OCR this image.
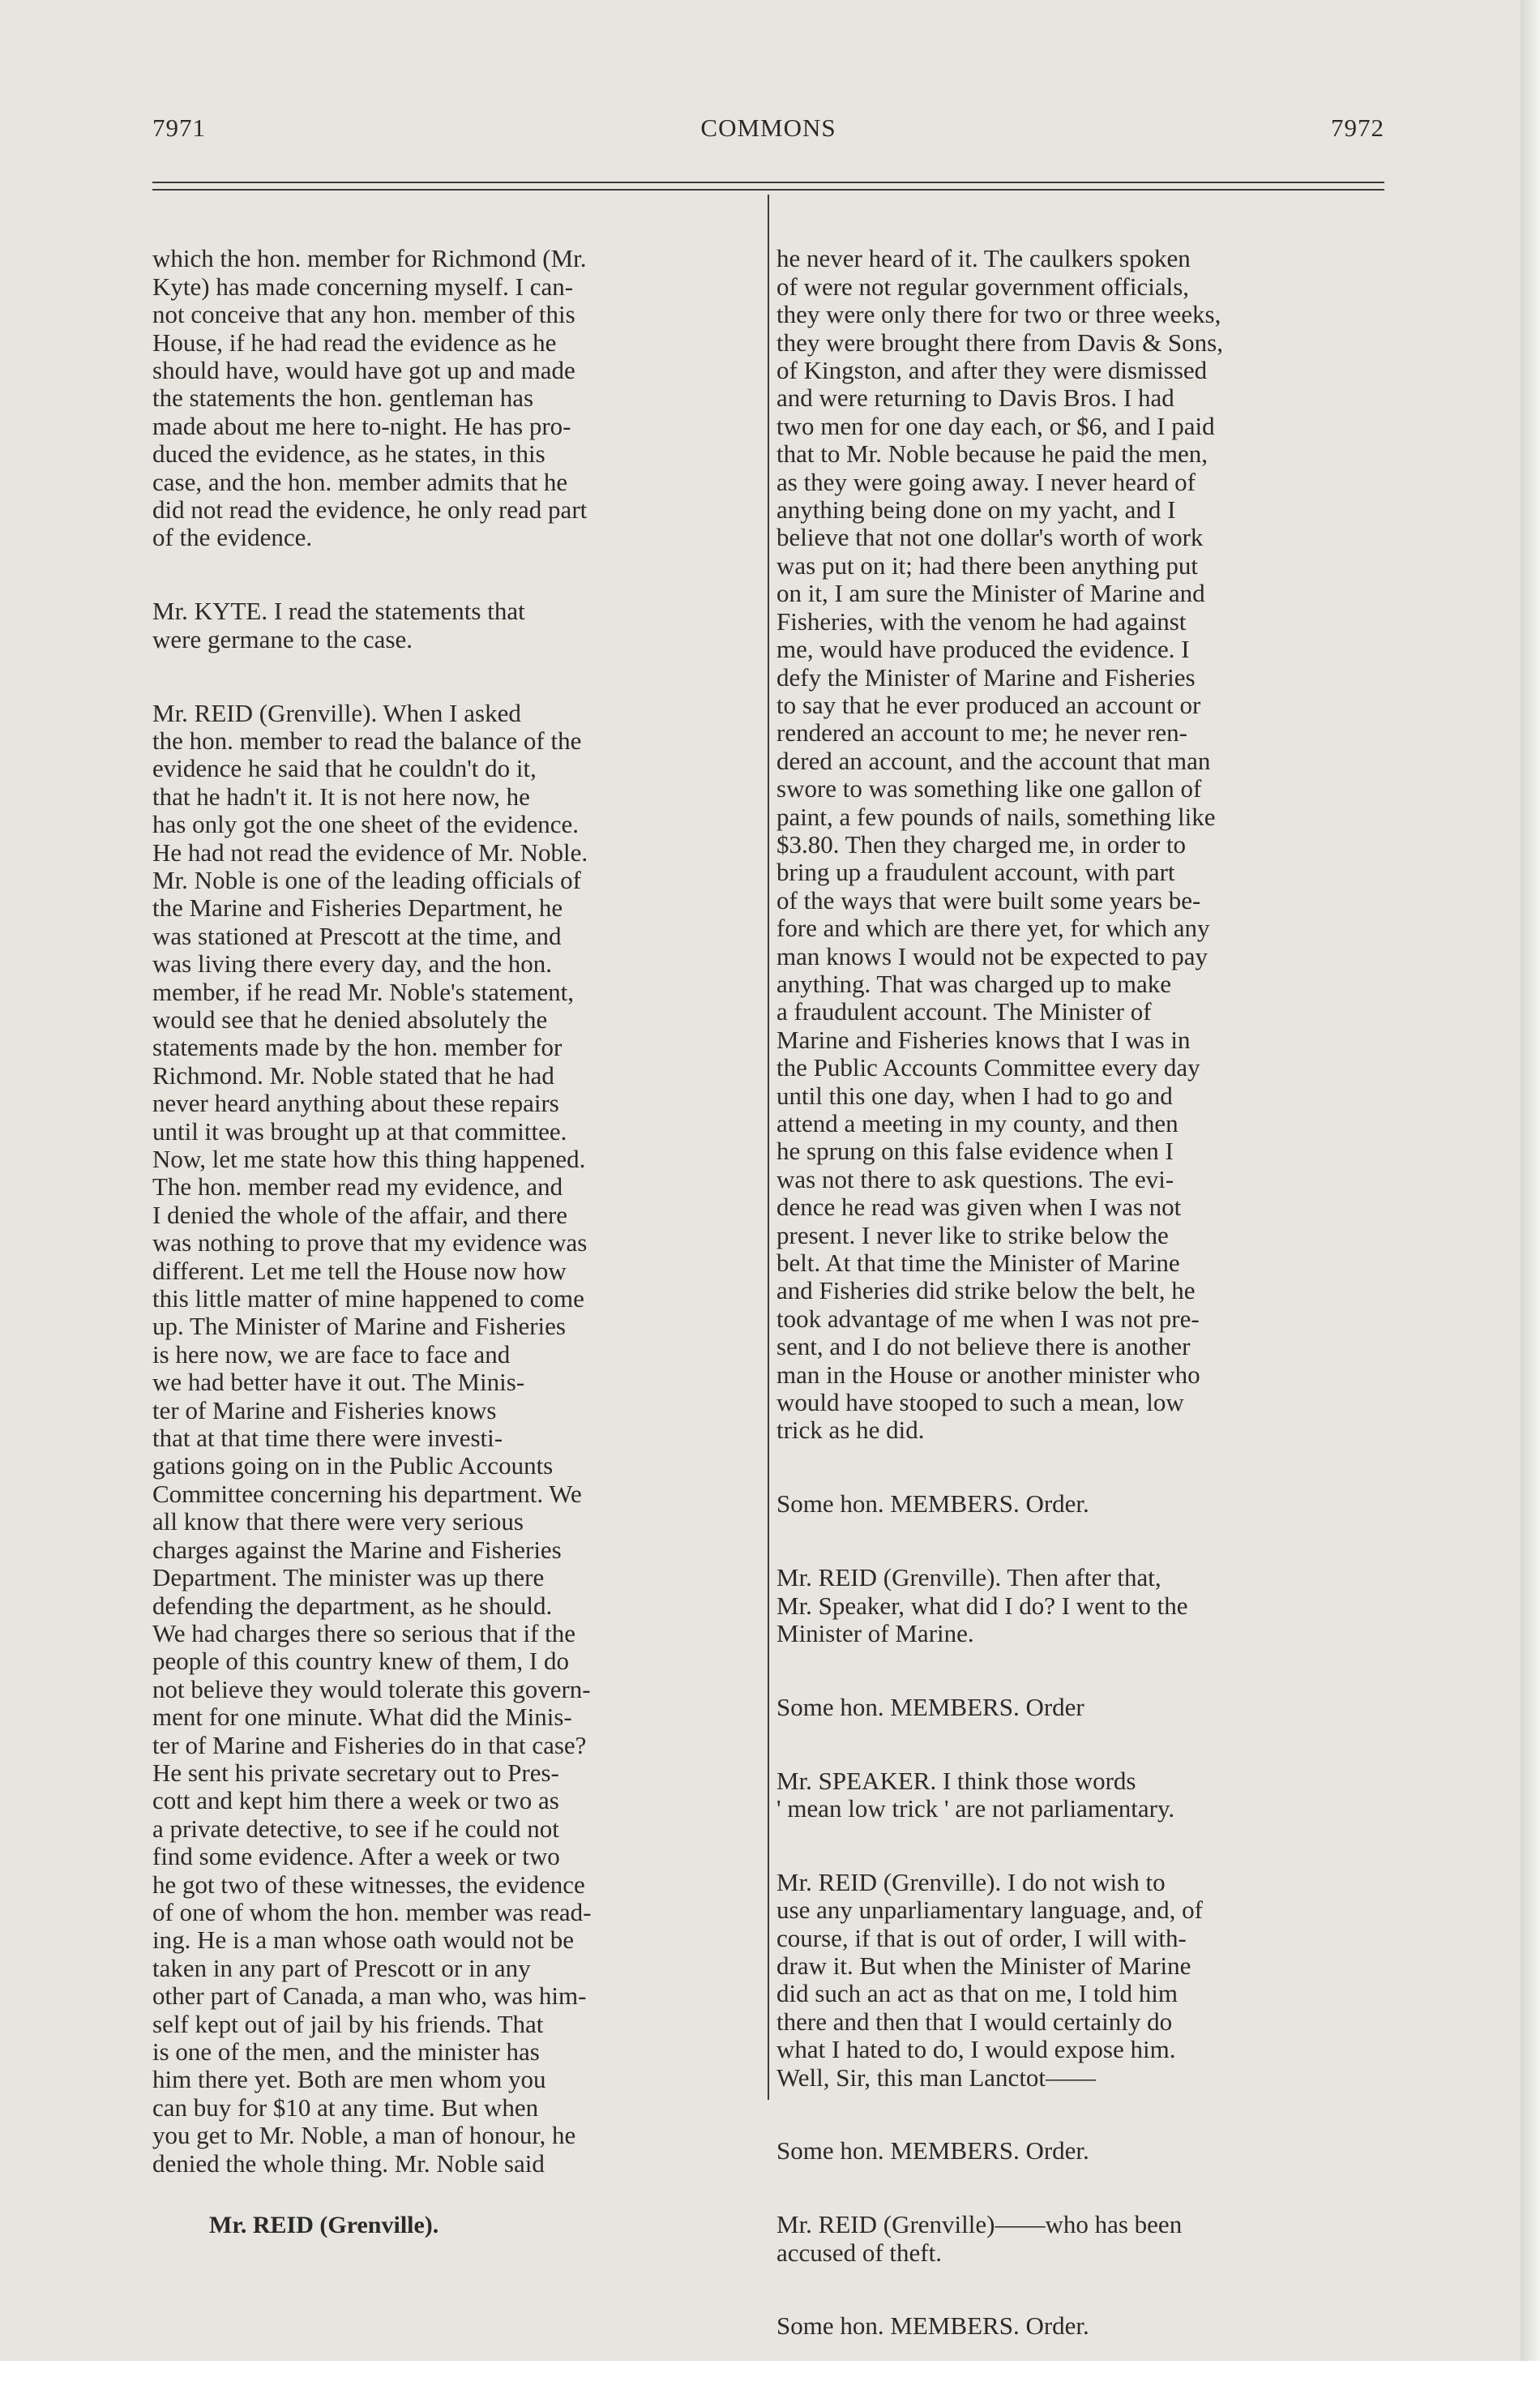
7971	COMMONS	7972

which the hon. member for Richmond (Mr.
Kyte) has made concerning myself. I can-
not conceive that any hon. member of this
House, if he had read the evidence as he
should have, would have got up and made
the statements the hon. gentleman has
made about me here to-night. He has pro-
duced the evidence, as he states, in this
case, and the hon. member admits that he
did not read the evidence, he only read part
of the evidence.

Mr. KYTE. I read the statements that
were germane to the case.

Mr. REID (Grenville). When I asked
the hon. member to read the balance of the
evidence he said that he couldn't do it,
that he hadn't it. It is not here now, he
has only got the one sheet of the evidence.
He had not read the evidence of Mr. Noble.
Mr. Noble is one of the leading officials of
the Marine and Fisheries Department, he
was stationed at Prescott at the time, and
was living there every day, and the hon.
member, if he read Mr. Noble's statement,
would see that he denied absolutely the
statements made by the hon. member for
Richmond. Mr. Noble stated that he had
never heard anything about these repairs
until it was brought up at that committee.
Now, let me state how this thing happened.
The hon. member read my evidence, and
I denied the whole of the affair, and there
was nothing to prove that my evidence was
different. Let me tell the House now how
this little matter of mine happened to come
up. The Minister of Marine and Fisheries
is here now, we are face to face and
we had better have it out. The Minis-
ter of Marine and Fisheries knows
that at that time there were investi-
gations going on in the Public Accounts
Committee concerning his department. We
all know that there were very serious
charges against the Marine and Fisheries
Department. The minister was up there
defending the department, as he should.
We had charges there so serious that if the
people of this country knew of them, I do
not believe they would tolerate this govern-
ment for one minute. What did the Minis-
ter of Marine and Fisheries do in that case?
He sent his private secretary out to Pres-
cott and kept him there a week or two as
a private detective, to see if he could not
find some evidence. After a week or two
he got two of these witnesses, the evidence
of one of whom the hon. member was read-
ing. He is a man whose oath would not be
taken in any part of Prescott or in any
other part of Canada, a man who, was him-
self kept out of jail by his friends. That
is one of the men, and the minister has
him there yet. Both are men whom you
can buy for $10 at any time. But when
you get to Mr. Noble, a man of honour, he
denied the whole thing. Mr. Noble said

Mr. REID (Grenville).

he never heard of it. The caulkers spoken
of were not regular government officials,
they were only there for two or three weeks,
they were brought there from Davis & Sons,
of Kingston, and after they were dismissed
and were returning to Davis Bros. I had
two men for one day each, or $6, and I paid
that to Mr. Noble because he paid the men,
as they were going away. I never heard of
anything being done on my yacht, and I
believe that not one dollar's worth of work
was put on it; had there been anything put
on it, I am sure the Minister of Marine and
Fisheries, with the venom he had against
me, would have produced the evidence. I
defy the Minister of Marine and Fisheries
to say that he ever produced an account or
rendered an account to me; he never ren-
dered an account, and the account that man
swore to was something like one gallon of
paint, a few pounds of nails, something like
$3.80. Then they charged me, in order to
bring up a fraudulent account, with part
of the ways that were built some years be-
fore and which are there yet, for which any
man knows I would not be expected to pay
anything. That was charged up to make
a fraudulent account. The Minister of
Marine and Fisheries knows that I was in
the Public Accounts Committee every day
until this one day, when I had to go and
attend a meeting in my county, and then
he sprung on this false evidence when I
was not there to ask questions. The evi-
dence he read was given when I was not
present. I never like to strike below the
belt. At that time the Minister of Marine
and Fisheries did strike below the belt, he
took advantage of me when I was not pre-
sent, and I do not believe there is another
man in the House or another minister who
would have stooped to such a mean, low
trick as he did.

Some hon. MEMBERS. Order.

Mr. REID (Grenville). Then after that,
Mr. Speaker, what did I do? I went to the
Minister of Marine.

Some hon. MEMBERS. Order

Mr. SPEAKER. I think those words
' mean low trick ' are not parliamentary.

Mr. REID (Grenville). I do not wish to
use any unparliamentary language, and, of
course, if that is out of order, I will with-
draw it. But when the Minister of Marine
did such an act as that on me, I told him
there and then that I would certainly do
what I hated to do, I would expose him.
Well, Sir, this man Lanctot——

Some hon. MEMBERS. Order.

Mr. REID (Grenville)——who has been
accused of theft.

Some hon. MEMBERS. Order.
